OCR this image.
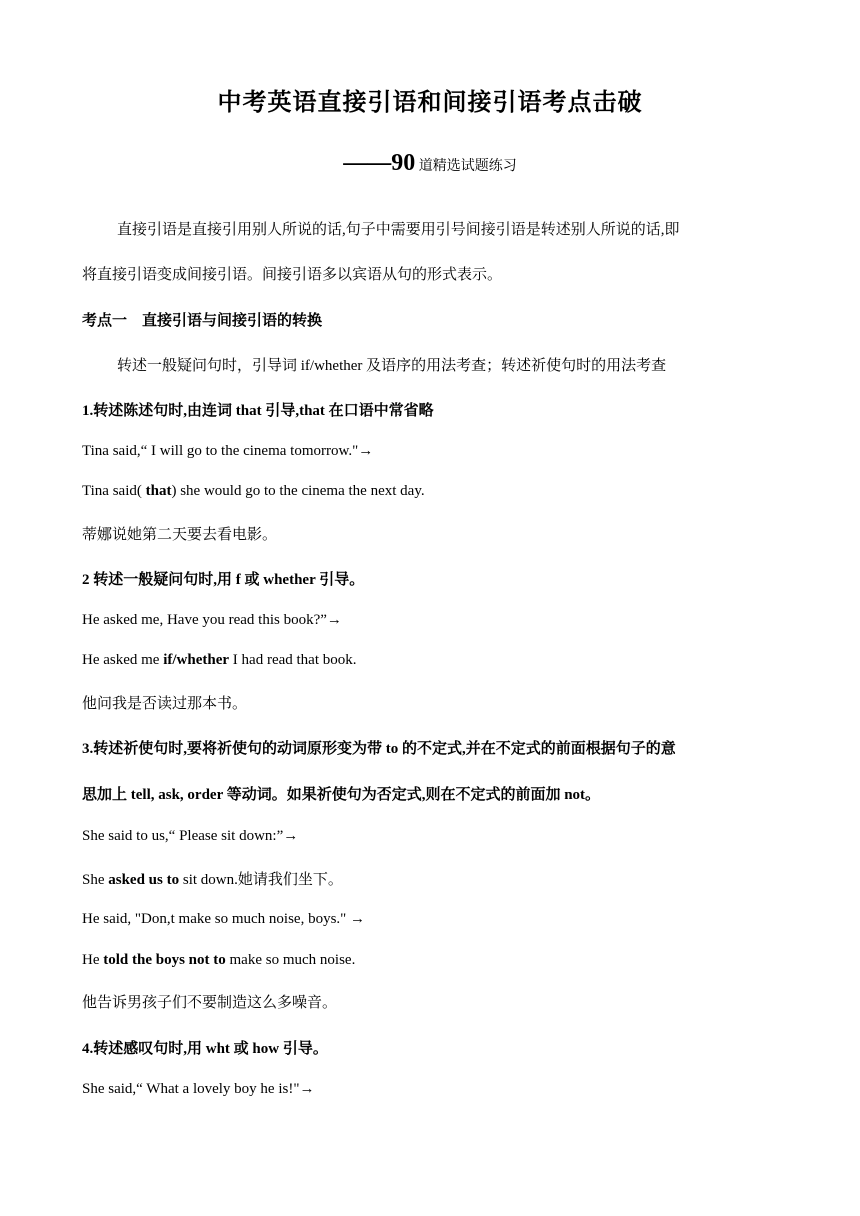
中考英语直接引语和间接引语考点击破
——90 道精选试题练习
直接引语是直接引用别人所说的话,句子中需要用引号间接引语是转述别人所说的话,即
将直接引语变成间接引语。间接引语多以宾语从句的形式表示。
考点一　直接引语与间接引语的转换
转述一般疑问句时，引导词 if/whether 及语序的用法考查；转述祈使句时的用法考查
1.转述陈述句时,由连词 that 引导,that 在口语中常省略
Tina said,“ I will go to the cinema tomorrow."→
Tina said( that) she would go to the cinema the next day.
蒂娜说她第二天要去看电影。
2 转述一般疑问句时,用 f 或 whether 引导。
He asked me, Have you read this book?”→
He asked me if/whether I had read that book.
他问我是否读过那本书。
3.转述祈使句时,要将祈使句的动词原形变为带 to 的不定式,并在不定式的前面根据句子的意
思加上 tell, ask, order 等动词。如果祈使句为否定式,则在不定式的前面加 not。
She said to us,“ Please sit down:”→
She asked us to sit down.她请我们坐下。
He said, "Don,t make so much noise, boys." →
He told the boys not to make so much noise.
他告诉男孩子们不要制造这么多噪音。
4.转述感叹句时,用 wht 或 how 引导。
She said,“ What a lovely boy he is!"→
